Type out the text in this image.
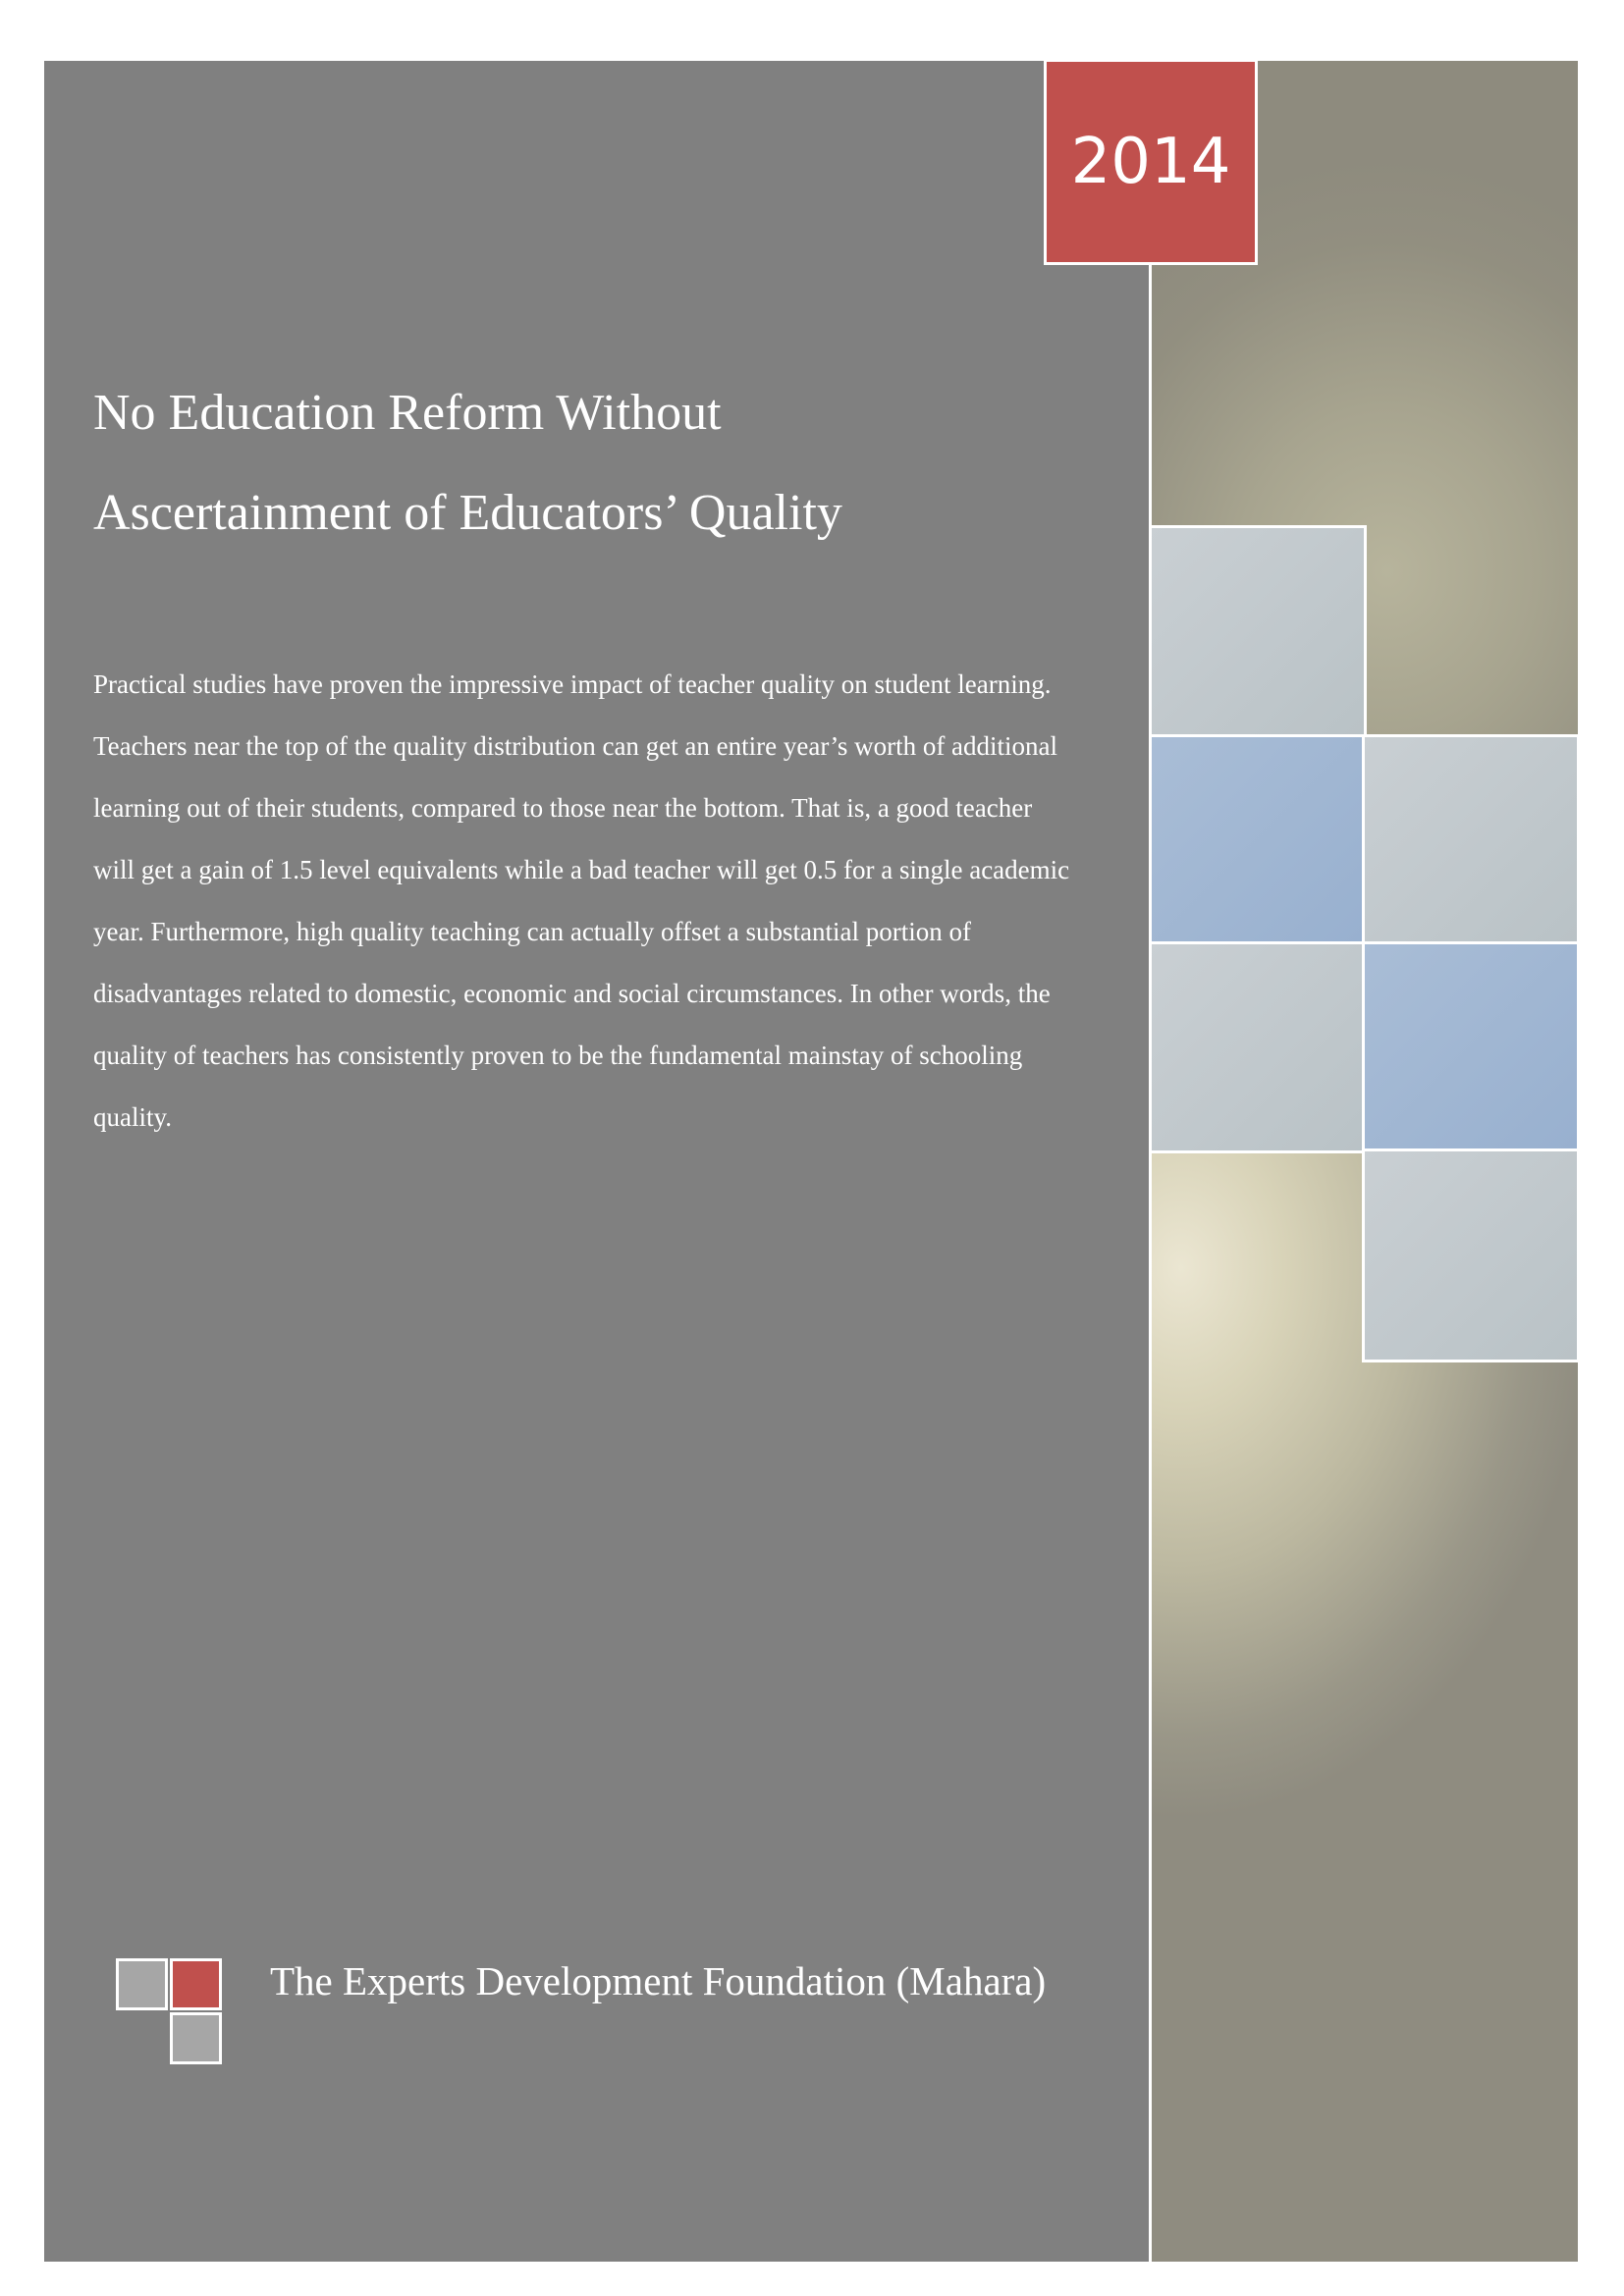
2014
No Education Reform Without
Ascertainment of Educators’ Quality

Practical studies have proven the impressive impact of teacher quality on student learning. Teachers near the top of the quality distribution can get an entire year’s worth of additional learning out of their students, compared to those near the bottom. That is, a good teacher will get a gain of 1.5 level equivalents while a bad teacher will get 0.5 for a single academic year. Furthermore, high quality teaching can actually offset a substantial portion of disadvantages related to domestic, economic and social circumstances. In other words, the quality of teachers has consistently proven to be the fundamental mainstay of schooling quality.

The Experts Development Foundation (Mahara)
